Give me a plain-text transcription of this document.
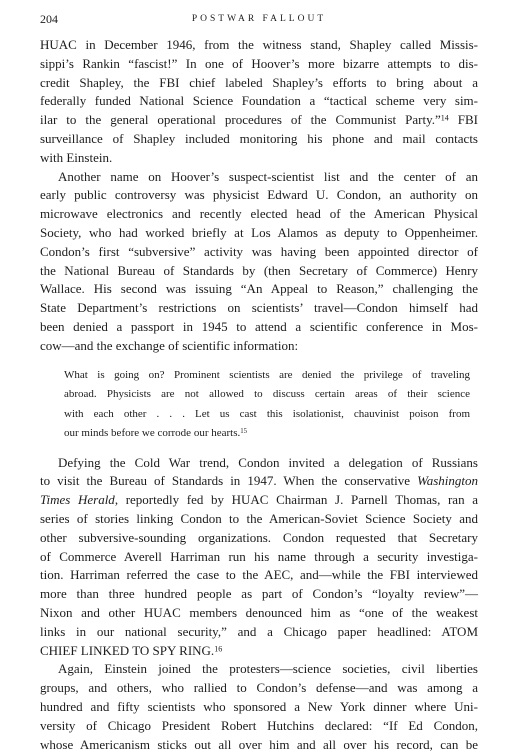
204	POSTWAR FALLOUT
HUAC in December 1946, from the witness stand, Shapley called Missis-
sippi’s Rankin “fascist!” In one of Hoover’s more bizarre attempts to dis-
credit Shapley, the FBI chief labeled Shapley’s efforts to bring about a
federally funded National Science Foundation a “tactical scheme very sim-
ilar to the general operational procedures of the Communist Party.”$^{14}$ FBI
surveillance of Shapley included monitoring his phone and mail contacts
with Einstein.
Another name on Hoover’s suspect-scientist list and the center of an
early public controversy was physicist Edward U. Condon, an authority on
microwave electronics and recently elected head of the American Physical
Society, who had worked briefly at Los Alamos as deputy to Oppenheimer.
Condon’s first “subversive” activity was having been appointed director of
the National Bureau of Standards by (then Secretary of Commerce) Henry
Wallace. His second was issuing “An Appeal to Reason,” challenging the
State Department’s restrictions on scientists’ travel—Condon himself had
been denied a passport in 1945 to attend a scientific conference in Mos-
cow—and the exchange of scientific information:
What is going on? Prominent scientists are denied the privilege of traveling
abroad. Physicists are not allowed to discuss certain areas of their science
with each other . . . Let us cast this isolationist, chauvinist poison from
our minds before we corrode our hearts.$^{15}$
Defying the Cold War trend, Condon invited a delegation of Russians
to visit the Bureau of Standards in 1947. When the conservative Washington
Times Herald, reportedly fed by HUAC Chairman J. Parnell Thomas, ran a
series of stories linking Condon to the American-Soviet Science Society and
other subversive-sounding organizations. Condon requested that Secretary
of Commerce Averell Harriman run his name through a security investiga-
tion. Harriman referred the case to the AEC, and—while the FBI interviewed
more than three hundred people as part of Condon’s “loyalty review”—
Nixon and other HUAC members denounced him as “one of the weakest
links in our national security,” and a Chicago paper headlined: ATOM
CHIEF LINKED TO SPY RING.$^{16}$
Again, Einstein joined the protesters—science societies, civil liberties
groups, and others, who rallied to Condon’s defense—and was among a
hundred and fifty scientists who sponsored a New York dinner where Uni-
versity of Chicago President Robert Hutchins declared: “If Ed Condon,
whose Americanism sticks out all over him and all over his record, can be
